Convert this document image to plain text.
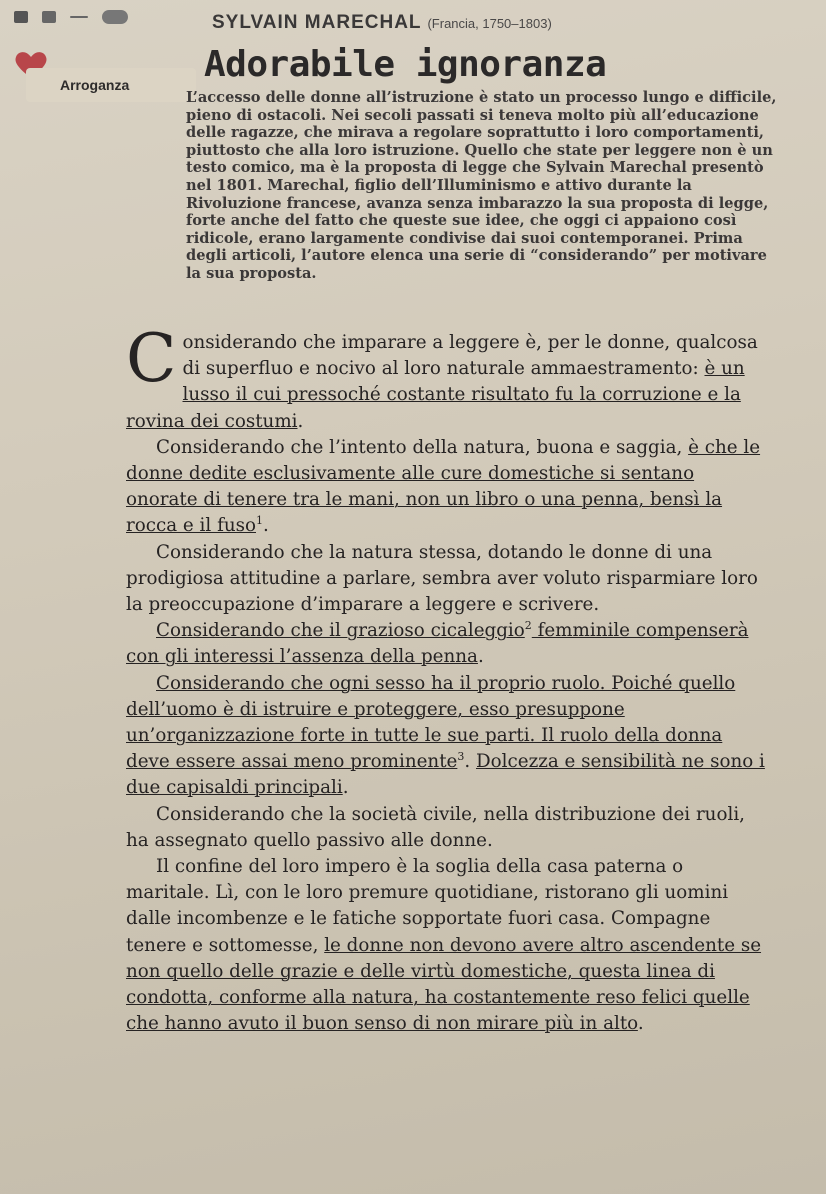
SYLVAIN MARECHAL (Francia, 1750–1803)
Adorabile ignoranza
Arroganza

L’accesso delle donne all’istruzione è stato un processo lungo e difficile, pieno di ostacoli. Nei secoli passati si teneva molto più all’educazione delle ragazze, che mirava a regolare soprattutto i loro comportamenti, piuttosto che alla loro istruzione. Quello che state per leggere non è un testo comico, ma è la proposta di legge che Sylvain Marechal presentò nel 1801. Marechal, figlio dell’Illuminismo e attivo durante la Rivoluzione francese, avanza senza imbarazzo la sua proposta di legge, forte anche del fatto che queste sue idee, che oggi ci appaiono così ridicole, erano largamente condivise dai suoi contemporanei. Prima degli articoli, l’autore elenca una serie di “considerando” per motivare la sua proposta.

Considerando che imparare a leggere è, per le donne, qualcosa di superfluo e nocivo al loro naturale ammaestramento: è un lusso il cui pressoché costante risultato fu la corruzione e la rovina dei costumi.

Considerando che l’intento della natura, buona e saggia, è che le donne dedite esclusivamente alle cure domestiche si sentano onorate di tenere tra le mani, non un libro o una penna, bensì la rocca e il fuso$^1$.

Considerando che la natura stessa, dotando le donne di una prodigiosa attitudine a parlare, sembra aver voluto risparmiare loro la preoccupazione d’imparare a leggere e scrivere.

Considerando che il grazioso cicaleggio$^2$ femminile compenserà con gli interessi l’assenza della penna.

Considerando che ogni sesso ha il proprio ruolo. Poiché quello dell’uomo è di istruire e proteggere, esso presuppone un’organizzazione forte in tutte le sue parti. Il ruolo della donna deve essere assai meno prominente$^3$. Dolcezza e sensibilità ne sono i due capisaldi principali.

Considerando che la società civile, nella distribuzione dei ruoli, ha assegnato quello passivo alle donne.

Il confine del loro impero è la soglia della casa paterna o maritale. Lì, con le loro premure quotidiane, ristorano gli uomini dalle incombenze e le fatiche sopportate fuori casa. Compagne tenere e sottomesse, le donne non devono avere altro ascendente se non quello delle grazie e delle virtù domestiche, questa linea di condotta, conforme alla natura, ha costantemente reso felici quelle che hanno avuto il buon senso di non mirare più in alto.
